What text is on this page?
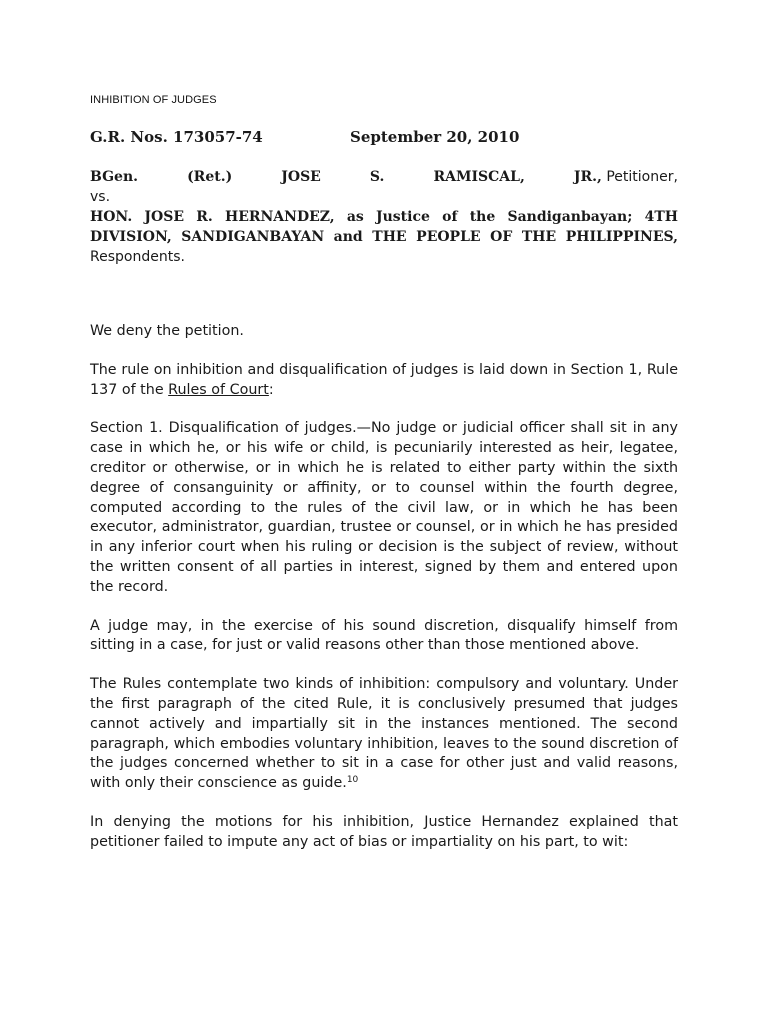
INHIBITION OF JUDGES
G.R. Nos. 173057-74	September 20, 2010
BGen.	(Ret.)	JOSE	S.	RAMISCAL,	JR., Petitioner,
vs.
HON. JOSE R. HERNANDEZ, as Justice of the Sandiganbayan; 4TH DIVISION, SANDIGANBAYAN and THE PEOPLE OF THE PHILIPPINES, Respondents.

We deny the petition.

The rule on inhibition and disqualification of judges is laid down in Section 1, Rule 137 of the Rules of Court:

Section 1. Disqualification of judges.—No judge or judicial officer shall sit in any case in which he, or his wife or child, is pecuniarily interested as heir, legatee, creditor or otherwise, or in which he is related to either party within the sixth degree of consanguinity or affinity, or to counsel within the fourth degree, computed according to the rules of the civil law, or in which he has been executor, administrator, guardian, trustee or counsel, or in which he has presided in any inferior court when his ruling or decision is the subject of review, without the written consent of all parties in interest, signed by them and entered upon the record.

A judge may, in the exercise of his sound discretion, disqualify himself from sitting in a case, for just or valid reasons other than those mentioned above.

The Rules contemplate two kinds of inhibition: compulsory and voluntary. Under the first paragraph of the cited Rule, it is conclusively presumed that judges cannot actively and impartially sit in the instances mentioned. The second paragraph, which embodies voluntary inhibition, leaves to the sound discretion of the judges concerned whether to sit in a case for other just and valid reasons, with only their conscience as guide.$^{10}$

In denying the motions for his inhibition, Justice Hernandez explained that petitioner failed to impute any act of bias or impartiality on his part, to wit:
